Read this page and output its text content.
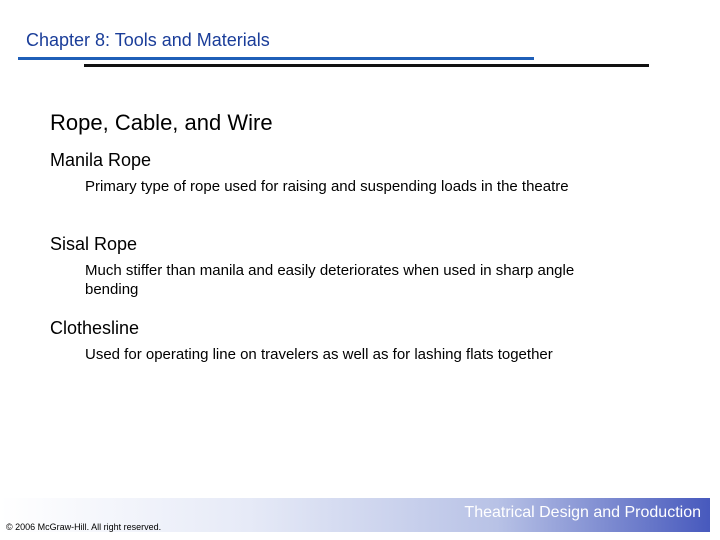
Chapter 8: Tools and Materials
Rope, Cable, and Wire

Manila Rope

Primary type of rope used for raising and suspending loads in the theatre

Sisal Rope

Much stiffer than manila and easily deteriorates when used in sharp angle bending

Clothesline

Used for operating line on travelers as well as for lashing flats together

Theatrical Design and Production
© 2006 McGraw-Hill. All right reserved.
